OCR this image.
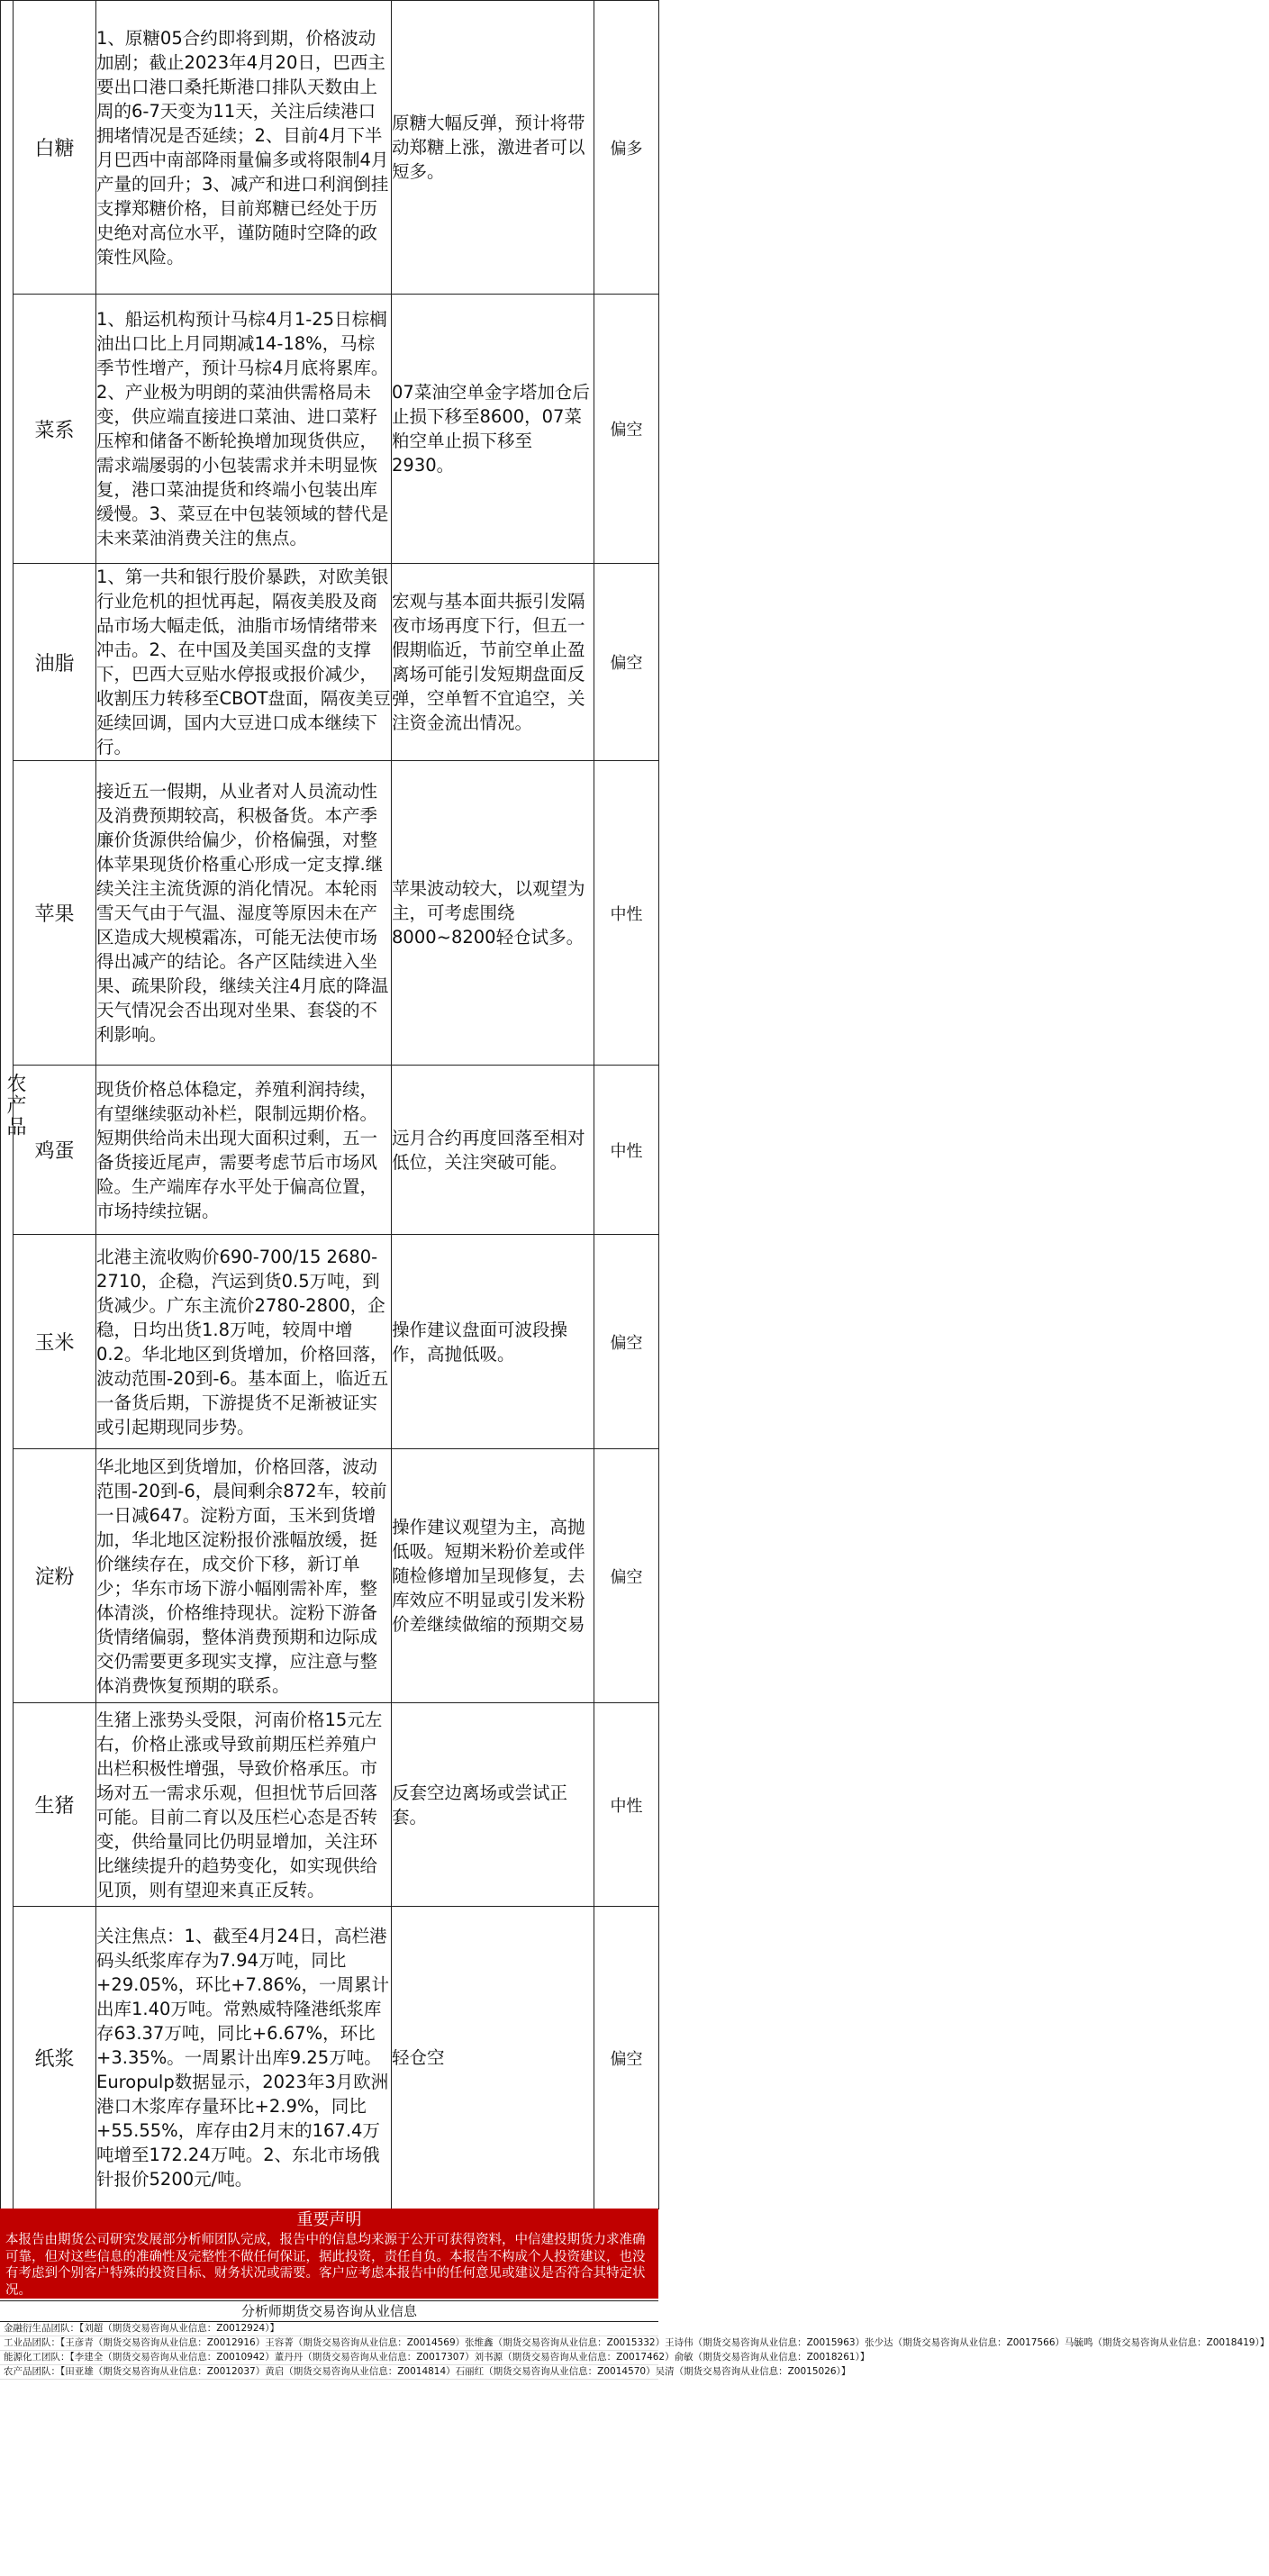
农产品	白糖	1、原糖05合约即将到期，价格波动加剧；截止2023年4月20日，巴西主要出口港口桑托斯港口排队天数由上周的6-7天变为11天，关注后续港口拥堵情况是否延续；2、目前4月下半月巴西中南部降雨量偏多或将限制4月产量的回升；3、减产和进口利润倒挂支撑郑糖价格，目前郑糖已经处于历史绝对高位水平，谨防随时空降的政策性风险。	原糖大幅反弹，预计将带动郑糖上涨，激进者可以短多。	偏多
	菜系	1、船运机构预计马棕4月1-25日棕榈油出口比上月同期减14-18%，马棕季节性增产，预计马棕4月底将累库。2、产业极为明朗的菜油供需格局未变，供应端直接进口菜油、进口菜籽压榨和储备不断轮换增加现货供应，需求端屡弱的小包装需求并未明显恢复，港口菜油提货和终端小包装出库缓慢。3、菜豆在中包装领域的替代是未来菜油消费关注的焦点。	07菜油空单金字塔加仓后止损下移至8600，07菜粕空单止损下移至2930。	偏空
	油脂	1、第一共和银行股价暴跌，对欧美银行业危机的担忧再起，隔夜美股及商品市场大幅走低，油脂市场情绪带来冲击。2、在中国及美国买盘的支撑下，巴西大豆贴水停报或报价减少，收割压力转移至CBOT盘面，隔夜美豆延续回调，国内大豆进口成本继续下行。	宏观与基本面共振引发隔夜市场再度下行，但五一假期临近，节前空单止盈离场可能引发短期盘面反弹，空单暂不宜追空，关注资金流出情况。	偏空
	苹果	接近五一假期，从业者对人员流动性及消费预期较高，积极备货。本产季廉价货源供给偏少，价格偏强，对整体苹果现货价格重心形成一定支撑.继续关注主流货源的消化情况。本轮雨雪天气由于气温、湿度等原因未在产区造成大规模霜冻，可能无法使市场得出减产的结论。各产区陆续进入坐果、疏果阶段，继续关注4月底的降温天气情况会否出现对坐果、套袋的不利影响。	苹果波动较大，以观望为主，可考虑围绕8000~8200轻仓试多。	中性
	鸡蛋	现货价格总体稳定，养殖利润持续，有望继续驱动补栏，限制远期价格。短期供给尚未出现大面积过剩，五一备货接近尾声，需要考虑节后市场风险。生产端库存水平处于偏高位置，市场持续拉锯。	远月合约再度回落至相对低位，关注突破可能。	中性
	玉米	北港主流收购价690-700/15 2680-2710，企稳，汽运到货0.5万吨，到货减少。广东主流价2780-2800，企稳，日均出货1.8万吨，较周中增0.2。华北地区到货增加，价格回落，波动范围-20到-6。基本面上，临近五一备货后期，下游提货不足渐被证实或引起期现同步势。	操作建议盘面可波段操作，高抛低吸。	偏空
	淀粉	华北地区到货增加，价格回落，波动范围-20到-6，晨间剩余872车，较前一日减647。淀粉方面，玉米到货增加，华北地区淀粉报价涨幅放缓，挺价继续存在，成交价下移，新订单少；华东市场下游小幅刚需补库，整体清淡，价格维持现状。淀粉下游备货情绪偏弱，整体消费预期和边际成交仍需要更多现实支撑，应注意与整体消费恢复预期的联系。	操作建议观望为主，高抛低吸。短期米粉价差或伴随检修增加呈现修复，去库效应不明显或引发米粉价差继续做缩的预期交易	偏空
	生猪	生猪上涨势头受限，河南价格15元左右，价格止涨或导致前期压栏养殖户出栏积极性增强，导致价格承压。市场对五一需求乐观，但担忧节后回落可能。目前二育以及压栏心态是否转变，供给量同比仍明显增加，关注环比继续提升的趋势变化，如实现供给见顶，则有望迎来真正反转。	反套空边离场或尝试正套。	中性
	纸浆	关注焦点：1、截至4月24日，高栏港码头纸浆库存为7.94万吨，同比+29.05%，环比+7.86%，一周累计出库1.40万吨。常熟威特隆港纸浆库存63.37万吨，同比+6.67%，环比+3.35%。一周累计出库9.25万吨。Europulp数据显示，2023年3月欧洲港口木浆库存量环比+2.9%，同比+55.55%，库存由2月末的167.4万吨增至172.24万吨。2、东北市场俄针报价5200元/吨。	轻仓空	偏空
重要声明
本报告由期货公司研究发展部分析师团队完成，报告中的信息均来源于公开可获得资料，中信建投期货力求准确可靠，但对这些信息的准确性及完整性不做任何保证，据此投资，责任自负。本报告不构成个人投资建议，也没有考虑到个别客户特殊的投资目标、财务状况或需要。客户应考虑本报告中的任何意见或建议是否符合其特定状况。
分析师期货交易咨询从业信息
金融衍生品团队：【刘超（期货交易咨询从业信息：Z0012924）】
工业品团队：【王彦青（期货交易咨询从业信息：Z0012916）王容菁（期货交易咨询从业信息：Z0014569）张维鑫（期货交易咨询从业信息：Z0015332）王诗伟（期货交易咨询从业信息：Z0015963）张少达（期货交易咨询从业信息：Z0017566）马毓鸣（期货交易咨询从业信息：Z0018419）】
能源化工团队：【李建全（期货交易咨询从业信息：Z0010942）董丹丹（期货交易咨询从业信息：Z0017307）刘书源（期货交易咨询从业信息：Z0017462）俞敏（期货交易咨询从业信息：Z0018261）】
农产品团队：【田亚雄（期货交易咨询从业信息：Z0012037）黄启（期货交易咨询从业信息：Z0014814）石丽红（期货交易咨询从业信息：Z0014570）吴清（期货交易咨询从业信息：Z0015026）】
